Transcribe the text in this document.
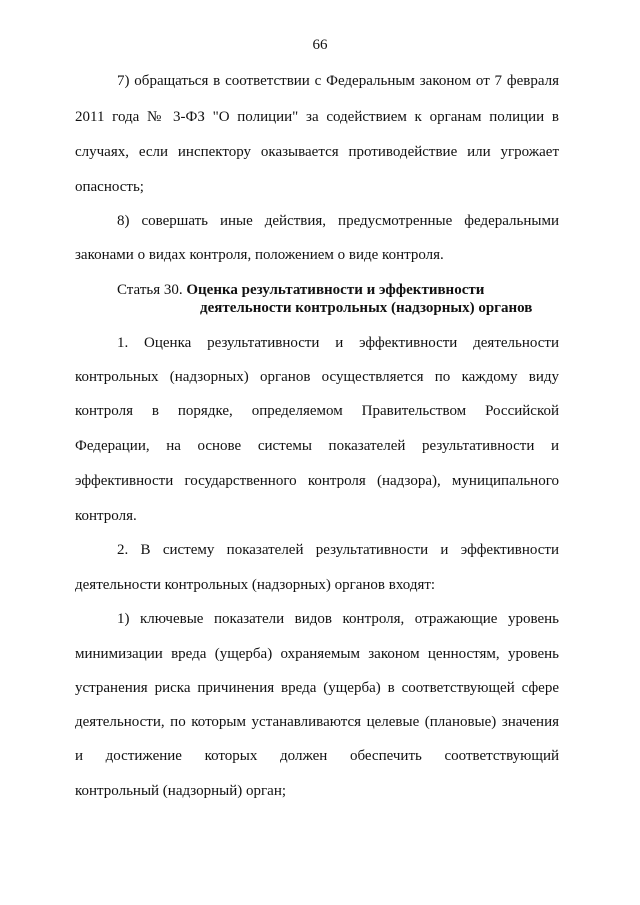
66
7) обращаться в соответствии с Федеральным законом от 7 февраля
2011 года № 3-ФЗ "О полиции" за содействием к органам полиции в
случаях, если инспектору оказывается противодействие или угрожает
опасность;
8) совершать иные действия, предусмотренные федеральными
законами о видах контроля, положением о виде контроля.
Статья 30. Оценка результативности и эффективности
деятельности контрольных (надзорных) органов
1. Оценка результативности и эффективности деятельности
контрольных (надзорных) органов осуществляется по каждому виду
контроля в порядке, определяемом Правительством Российской
Федерации, на основе системы показателей результативности и
эффективности государственного контроля (надзора), муниципального
контроля.
2. В систему показателей результативности и эффективности
деятельности контрольных (надзорных) органов входят:
1) ключевые показатели видов контроля, отражающие уровень
минимизации вреда (ущерба) охраняемым законом ценностям, уровень
устранения риска причинения вреда (ущерба) в соответствующей сфере
деятельности, по которым устанавливаются целевые (плановые) значения
и достижение которых должен обеспечить соответствующий
контрольный (надзорный) орган;
